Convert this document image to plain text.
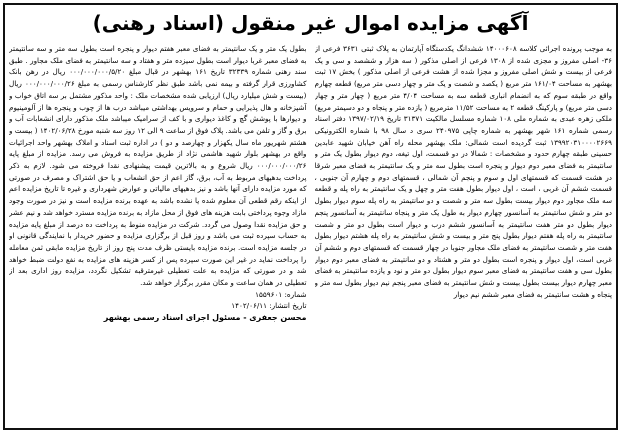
آگهی مزایده اموال غیر منقول (اسناد رهنی)

به موجب پرونده اجرائی کلاسه ۱۴۰۰۰۶۰۸ ششدانگ یکدستگاه آپارتمان به پلاک ثبتی ۳۶۳۱ فرعی از ۳۶- اصلی مفروز و مجزی شده از ۱۳۰۸ فرعی از اصلی مذکور ( سه هزار و ششصد و سی و یک فرعی از بیست و شش اصلی مفروز و مجزا شده از هشت فرعی از اصلی مذکور ) بخش ۱۷ ثبت بهشهر به مساحت ۱۶۱/۰۴ متر مربع ( یکصد و شصت و یک متر و چهار دسی متر مربع) قطعه چهارم واقع در طبقه سوم که به انضمام انباری قطعه سه به مساحت ۴/۰۴ متر مربع ( چهار متر و چهار دسی متر مربع) و پارکینگ قطعه ۲ به مساحت ۱۱/۵۲ مترمربع ( یازده متر و پنجاه و دو دسیمتر مربع) ملکی زهره عبدی به شماره ملی ۱۰۸ شماره مسلسل مالکیت ۳۱۳۷۱ تاریخ ۱۳۹۷/۰۲/۱۹ دفتر اسناد رسمی شماره ۱۶۱ شهر بهشهر به شماره چاپی ۲۴۰۹۷۵ سری د سال ۹۸ با شماره الکترونیکی ۱۳۹۹۲۰۳۱۰۰۰۰۲۶۶۹ ثبت گردیده است شمالی: ملک بهشهر محله راه آهن خیابان شهید عابدین حسینی طبقه چهارم حدود و مشخصات : شمالا در دو قسمت، اول تیغه، دوم دیوار بطول یک متر و سانتیمتر به فضای معبر دوم دیوار و پنجره است بطول سه متر و یک سانتیمتر به فضای معبر شرقا در هشت قسمت که قسمتهای اول و سوم و پنجم آن شمالی ، قسمتهای دوم و چهارم آن جنوبی ، قسمت ششم آن غربی ، است ، اول دیوار بطول هفت متر و چهل و یک سانتیمتر به راه پله و قطعه سه ملک مجاور دوم دیوار بیست بطول سه متر و شصت و دو سانتیمتر به راه پله سوم دیوار بطول دو متر و شش سانتیمتر به آسانسور چهارم دیوار به طول یک متر و پنجاه سانتیمتر به آسانسور پنجم دیوار بطول دو متر هفت سانتیمتر به آسانسور ششم درب و دیوار است بطول دو متر و شصت سانتیمتر به راه پله هفتم دیوار بطول پنج متر و بیست و شش سانتیمتر به راه پله هشتم دیوار بطول هفت متر و شصت سانتیمتر به فضای ملک مجاور جنوبا در چهار قسمت که قسمتهای دوم و ششم آن غربی است، اول دیوار و پنجره است بطول دو متر و هشتاد و دو سانتیمتر به فضای معبر دوم دیوار بطول سی و هفت سانتیمتر به فضای معبر سوم دیوار بطول دو متر و نود و یازده سانتیمتر به فضای معبر چهارم دیوار بیست بطول بیست و شش سانتیمتر به فضای معبر پنجم نیم دیوار بطول سه متر و پنجاه و هشت سانتیمتر به فضای معبر ششم نیم دیوار

بطول یک متر و یک سانتیمتر به فضای معبر هفتم دیوار و پنجره است بطول سه متر و سه سانتیمتر به فضای معبر غربا دیوار است بطول سیزده متر و هفتاد و سه سانتیمتر به فضای ملک مجاور . طبق سند رهنی شماره ۳۲۳۳۹ تاریخ ۱۶۱ بهشهر در قبال مبلغ ۰۰۰/۰۰۰/۰۰۰/۵/۲۰ ریال در رهن بانک کشاورزی قرار گرفته و بیمه نمی باشد طبق نظر کارشناس رسمی به مبلغ ۰۰۰/۰۰۰/۰۰۰/۲۶ ریال (بیست و شش میلیارد ریال) ارزیابی شده مشخصات ملک : واحد مذکور مشتمل بر سه اتاق خواب و آشپزخانه و هال پذیرایی و حمام و سرویس بهداشتی میباشد درب ها از چوب و پنجره ها از آلومینیوم و دیوارها با پوشش گچ و کاغذ دیواری و با کف از سرامیک میباشد ملک مذکور دارای انشعابات آب و برق و گاز و تلفن می باشد. پلاک فوق از ساعت ۹ الی ۱۲ روز سه شنبه مورخ ۱۴۰۲/۰۶/۲۸ ( بیست و هشتم شهریور ماه سال یکهزار و چهارصد و دو ) در اداره ثبت اسناد و املاک بهشهر واحد اجرائیات واقع در بهشهر بلوار شهید هاشمی نژاد از طریق مزایده به فروش می رسد. مزایده از مبلغ پایه ۰۰۰/۰۰۰/۰۰۰/۲۶ ریال شروع و به بالاترین قیمت پیشنهادی نقدا فروخته می شود. لازم به ذکر پرداخت بدهیهای مربوط به آب، برق، گاز اعم از حق انشعاب و یا حق اشتراک و مصرف در صورتی که مورد مزایده دارای آنها باشد و نیز بدهیهای مالیاتی و عوارض شهرداری و غیره تا تاریخ مزایده اعم از اینکه رقم قطعی آن معلوم شده یا نشده باشد به عهده برنده مزایده است و نیز در صورت وجود مازاد وجوه پرداختی بابت هزینه های فوق از محل مازاد به برنده مزایده مسترد خواهد شد و نیم عشر و حق مزایده نقدا وصول می گردد. شرکت در مزایده منوط به پرداخت ده درصد از مبلغ پایه مزایده به حساب سپرده ثبت می باشد و روز قبل از برگزاری مزایده و حضور خریدار با نمایندگی قانونی او در جلسه مزایده است. برنده مزایده بایستی ظرف مدت پنج روز از تاریخ مزایده مابقی ثمن معامله را پرداخت نماید در غیر این صورت سپرده پس از کسر هزینه های مزایده به نفع دولت ضبط خواهد شد و در صورتی که مزایده به علت تعطیلی غیرمترقبه تشکیل نگردد، مزایده روز اداری بعد از تعطیلی در همان ساعت و مکان مقرر برگزار خواهد شد.

شماره: ۱۵۵۹۶۰۱

تاریخ انتشار: ۱۴۰۲/۰۶/۱۱

محسن جعفری - مسئول اجرای اسناد رسمی بهشهر
